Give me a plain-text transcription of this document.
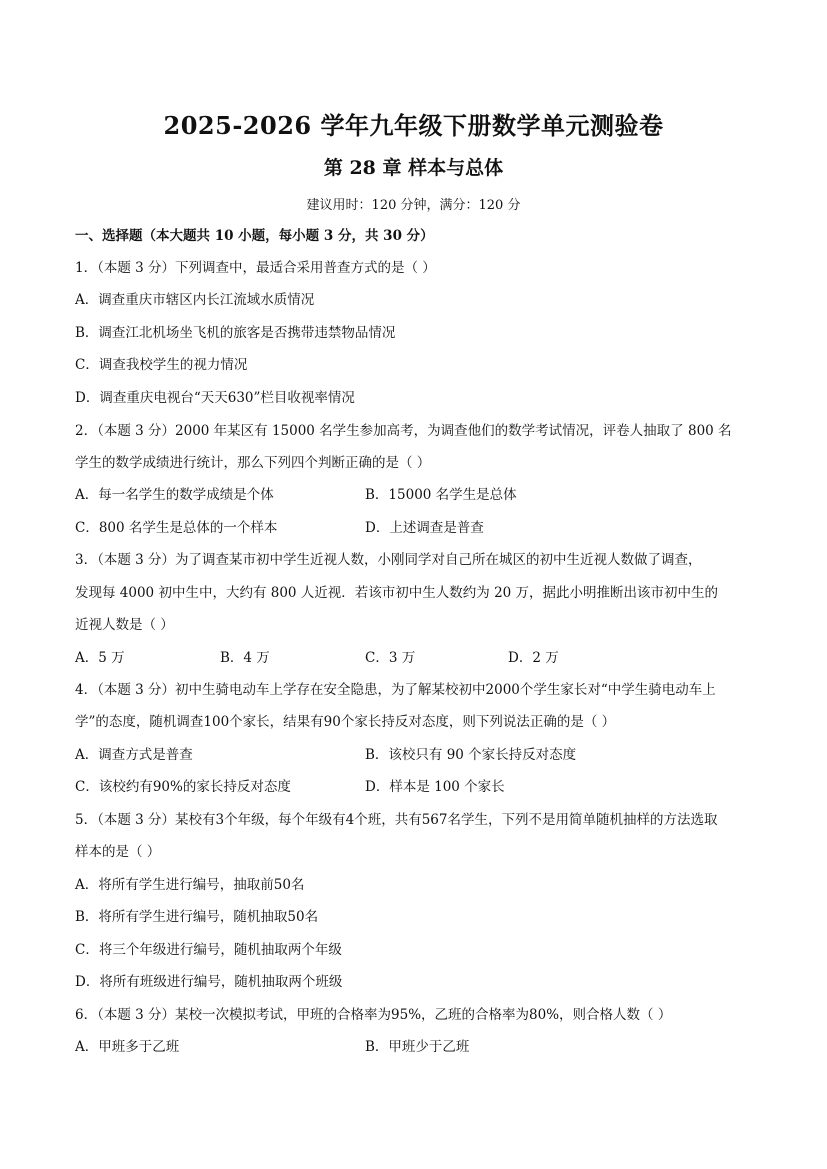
2025-2026 学年九年级下册数学单元测验卷
第 28 章 样本与总体
建议用时：120 分钟，满分：120 分
一、选择题（本大题共 10 小题，每小题 3 分，共 30 分）
1．（本题 3 分）下列调查中，最适合采用普查方式的是（ ）
A．调查重庆市辖区内长江流域水质情况
B．调查江北机场坐飞机的旅客是否携带违禁物品情况
C．调查我校学生的视力情况
D．调查重庆电视台“天天630”栏目收视率情况
2．（本题 3 分）2000 年某区有 15000 名学生参加高考，为调查他们的数学考试情况，评卷人抽取了 800 名
学生的数学成绩进行统计，那么下列四个判断正确的是（ ）
A．每一名学生的数学成绩是个体	B．15000 名学生是总体
C．800 名学生是总体的一个样本	D．上述调查是普查
3．（本题 3 分）为了调查某市初中学生近视人数，小刚同学对自己所在城区的初中生近视人数做了调查，
发现每 4000 初中生中，大约有 800 人近视．若该市初中生人数约为 20 万，据此小明推断出该市初中生的
近视人数是（ ）
A．5 万	B．4 万	C．3 万	D．2 万
4．（本题 3 分）初中生骑电动车上学存在安全隐患，为了解某校初中2000个学生家长对“中学生骑电动车上
学”的态度，随机调查100个家长，结果有90个家长持反对态度，则下列说法正确的是（ ）
A．调查方式是普查	B．该校只有 90 个家长持反对态度
C．该校约有90%的家长持反对态度	D．样本是 100 个家长
5．（本题 3 分）某校有3个年级，每个年级有4个班，共有567名学生，下列不是用简单随机抽样的方法选取
样本的是（ ）
A．将所有学生进行编号，抽取前50名
B．将所有学生进行编号，随机抽取50名
C．将三个年级进行编号，随机抽取两个年级
D．将所有班级进行编号，随机抽取两个班级
6．（本题 3 分）某校一次模拟考试，甲班的合格率为95%，乙班的合格率为80%，则合格人数（ ）
A．甲班多于乙班	B．甲班少于乙班
